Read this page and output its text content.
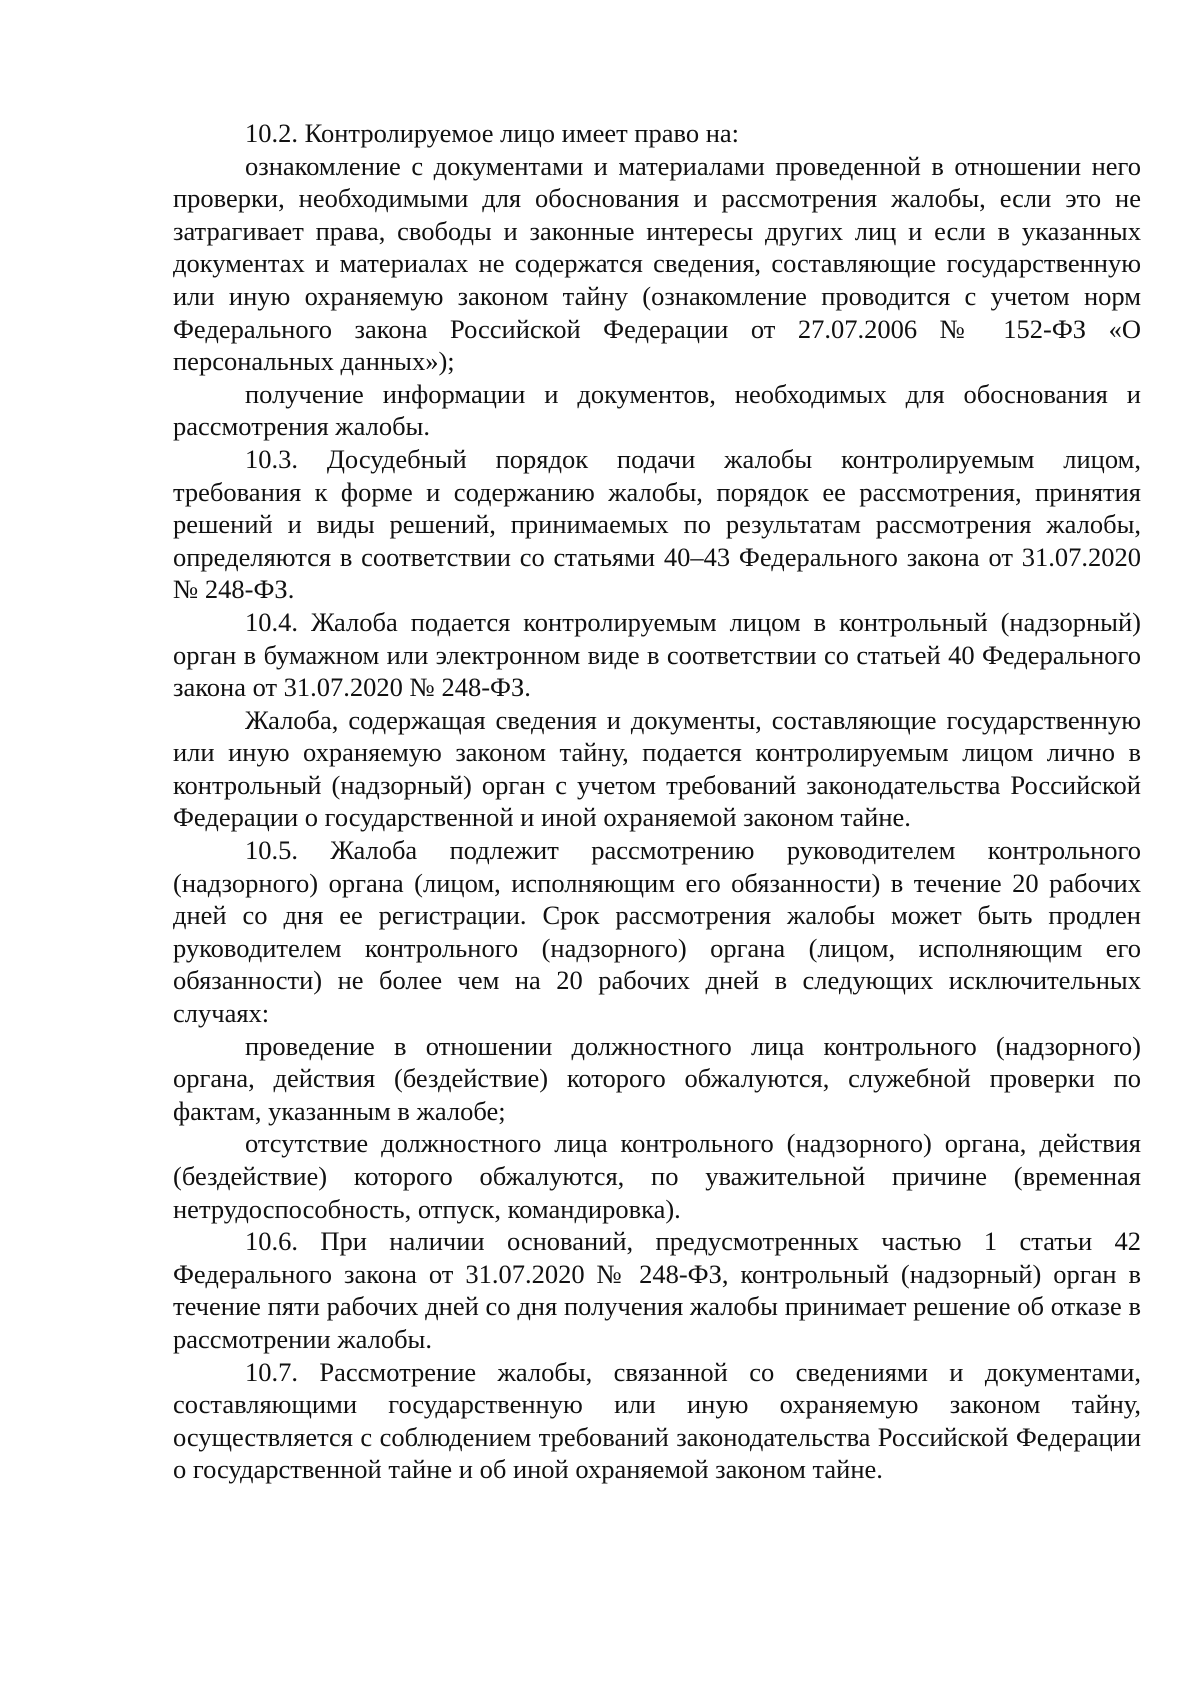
10.2. Контролируемое лицо имеет право на:

ознакомление с документами и материалами проведенной в отношении него проверки, необходимыми для обоснования и рассмотрения жалобы, если это не затрагивает права, свободы и законные интересы других лиц и если в указанных документах и материалах не содержатся сведения, составляющие государственную или иную охраняемую законом тайну (ознакомление проводится с учетом норм Федерального закона Российской Федерации от 27.07.2006 № 152-ФЗ «О персональных данных»);

получение информации и документов, необходимых для обоснования и рассмотрения жалобы.

10.3. Досудебный порядок подачи жалобы контролируемым лицом, требования к форме и содержанию жалобы, порядок ее рассмотрения, принятия решений и виды решений, принимаемых по результатам рассмотрения жалобы, определяются в соответствии со статьями 40–43 Федерального закона от 31.07.2020 № 248-ФЗ.

10.4. Жалоба подается контролируемым лицом в контрольный (надзорный) орган в бумажном или электронном виде в соответствии со статьей 40 Федерального закона от 31.07.2020 № 248-ФЗ.

Жалоба, содержащая сведения и документы, составляющие государственную или иную охраняемую законом тайну, подается контролируемым лицом лично в контрольный (надзорный) орган с учетом требований законодательства Российской Федерации о государственной и иной охраняемой законом тайне.

10.5. Жалоба подлежит рассмотрению руководителем контрольного (надзорного) органа (лицом, исполняющим его обязанности) в течение 20 рабочих дней со дня ее регистрации. Срок рассмотрения жалобы может быть продлен руководителем контрольного (надзорного) органа (лицом, исполняющим его обязанности) не более чем на 20 рабочих дней в следующих исключительных случаях:

проведение в отношении должностного лица контрольного (надзорного) органа, действия (бездействие) которого обжалуются, служебной проверки по фактам, указанным в жалобе;

отсутствие должностного лица контрольного (надзорного) органа, действия (бездействие) которого обжалуются, по уважительной причине (временная нетрудоспособность, отпуск, командировка).

10.6. При наличии оснований, предусмотренных частью 1 статьи 42 Федерального закона от 31.07.2020 № 248-ФЗ, контрольный (надзорный) орган в течение пяти рабочих дней со дня получения жалобы принимает решение об отказе в рассмотрении жалобы.

10.7. Рассмотрение жалобы, связанной со сведениями и документами, составляющими государственную или иную охраняемую законом тайну, осуществляется с соблюдением требований законодательства Российской Федерации о государственной тайне и об иной охраняемой законом тайне.
